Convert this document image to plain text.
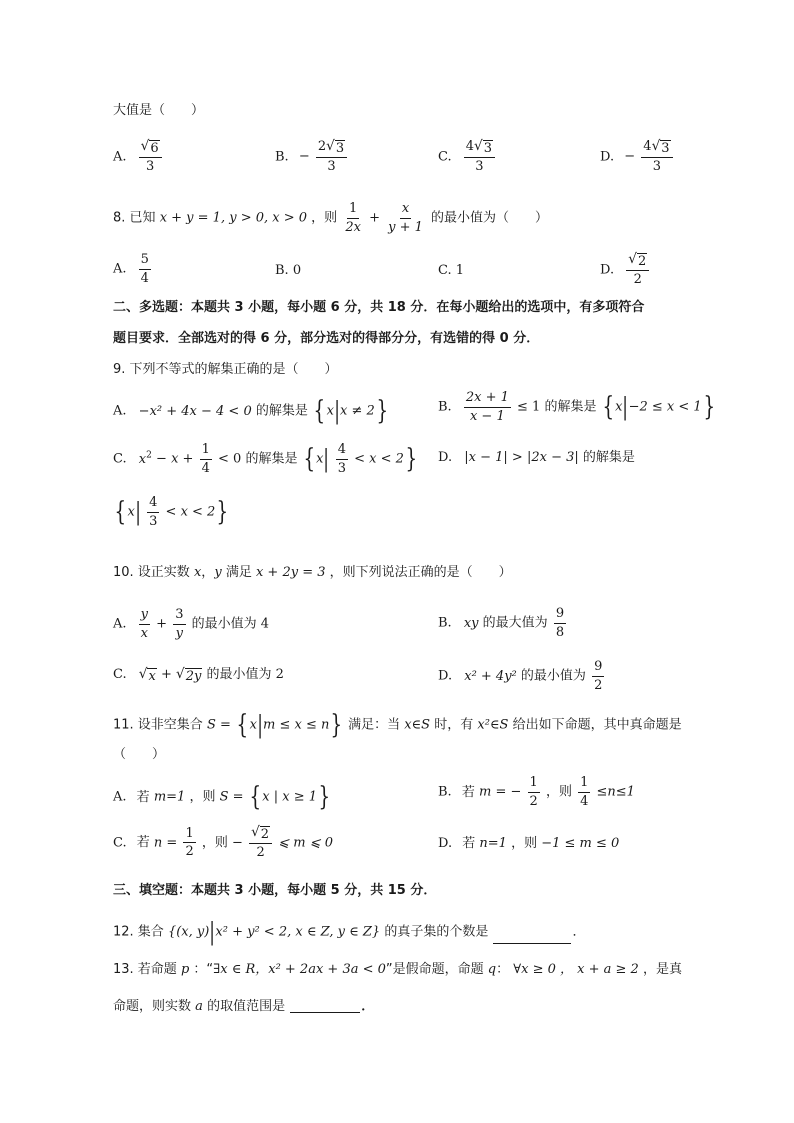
大值是（　　）
A. $\frac{√ 6}{3}$	B. − $\frac{2 √ 3}{3}$	C. $\frac{4 √ 3}{3}$	D. − $\frac{4 √ 3}{3}$
8. 已知 x + y = 1, y > 0, x > 0 ，则 $\frac{1}{2x} + \frac{x}{y + 1}$ 的最小值为（　　）
A. $\frac{5}{4}$	B. 0	C. 1	D. $\frac{√ 2}{2}$
二、多选题：本题共 3 小题，每小题 6 分，共 18 分．在每小题给出的选项中，有多项符合
题目要求．全部选对的得 6 分，部分选对的得部分分，有选错的得 0 分．
9. 下列不等式的解集正确的是（　　）
A. −x² + 4x − 4 < 0 的解集是 {x|x ≠ 2}	B. $\frac{2x + 1}{x - 1} \le 1$ 的解集是 {x|−2 ≤ x < 1}
C. $x^2 - x + \frac{1}{4} < 0$ 的解集是 $\{x| \frac{4}{3} < x < 2\}$ D. |x − 1| > |2x − 3| 的解集是
$\{x| \frac{4}{3} < x < 2\}$
10. 设正实数 x，y 满足 x + 2y = 3 ，则下列说法正确的是（　　）
A. $\frac{y}{x} + \frac{3}{y}$ 的最小值为 4	B. xy 的最大值为 $\frac{9}{8}$
C. √ x + √ 2y 的最小值为 2	D. x² + 4y² 的最小值为 $\frac{9}{2}$
11. 设非空集合 S = {x|m ≤ x ≤ n} 满足：当 x∈S 时，有 x²∈S 给出如下命题，其中真命题是
（　　）
A. 若 m=1 ，则 S = {x | x ≥ 1}	B. 若 m = − $\frac{1}{2}$ ，则 $\frac{1}{4} \le n\le 1$
C. 若 $n = \frac{1}{2}$ ，则 − $\frac{√ 2}{2}$ ⩽ m ⩽ 0	D. 若 n=1 ，则 −1 ≤ m ≤ 0
三、填空题：本题共 3 小题，每小题 5 分，共 15 分．
12. 集合 {(x, y)|x² + y² < 2, x ∈ Z, y ∈ Z} 的真子集的个数是	．
13. 若命题 p ：“∃x ∈ R，x² + 2ax + 3a < 0”是假命题，命题 q： ∀x ≥ 0 ， x + a ≥ 2 ，是真
命题，则实数 a 的取值范围是	．
